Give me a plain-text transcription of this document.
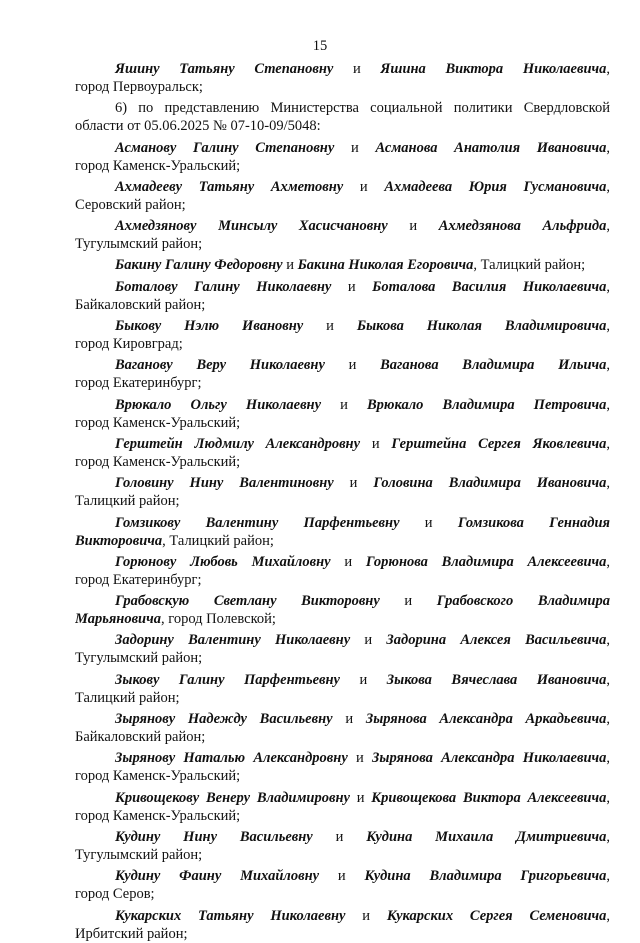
15
Яшину Татьяну Степановну и Яшина Виктора Николаевича,
город Первоуральск;
6) по представлению Министерства социальной политики Свердловской
области от 05.06.2025 № 07-10-09/5048:
Асманову Галину Степановну и Асманова Анатолия Ивановича,
город Каменск-Уральский;
Ахмадееву Татьяну Ахметовну и Ахмадеева Юрия Гусмановича,
Серовский район;
Ахмедзянову Минсылу Хасисчановну и Ахмедзянова Альфрида,
Тугулымский район;
Бакину Галину Федоровну и Бакина Николая Егоровича, Талицкий район;
Боталову Галину Николаевну и Боталова Василия Николаевича,
Байкаловский район;
Быкову Нэлю Ивановну и Быкова Николая Владимировича,
город Кировград;
Ваганову Веру Николаевну и Ваганова Владимира Ильича,
город Екатеринбург;
Врюкало Ольгу Николаевну и Врюкало Владимира Петровича,
город Каменск-Уральский;
Герштейн Людмилу Александровну и Герштейна Сергея Яковлевича,
город Каменск-Уральский;
Головину Нину Валентиновну и Головина Владимира Ивановича,
Талицкий район;
Гомзикову Валентину Парфентьевну и Гомзикова Геннадия
Викторовича, Талицкий район;
Горюнову Любовь Михайловну и Горюнова Владимира Алексеевича,
город Екатеринбург;
Грабовскую Светлану Викторовну и Грабовского Владимира
Марьяновича, город Полевской;
Задорину Валентину Николаевну и Задорина Алексея Васильевича,
Тугулымский район;
Зыкову Галину Парфентьевну и Зыкова Вячеслава Ивановича,
Талицкий район;
Зырянову Надежду Васильевну и Зырянова Александра Аркадьевича,
Байкаловский район;
Зырянову Наталью Александровну и Зырянова Александра Николаевича,
город Каменск-Уральский;
Кривощекову Венеру Владимировну и Кривощекова Виктора Алексеевича,
город Каменск-Уральский;
Кудину Нину Васильевну и Кудина Михаила Дмитриевича,
Тугулымский район;
Кудину Фаину Михайловну и Кудина Владимира Григорьевича,
город Серов;
Кукарских Татьяну Николаевну и Кукарских Сергея Семеновича,
Ирбитский район;
